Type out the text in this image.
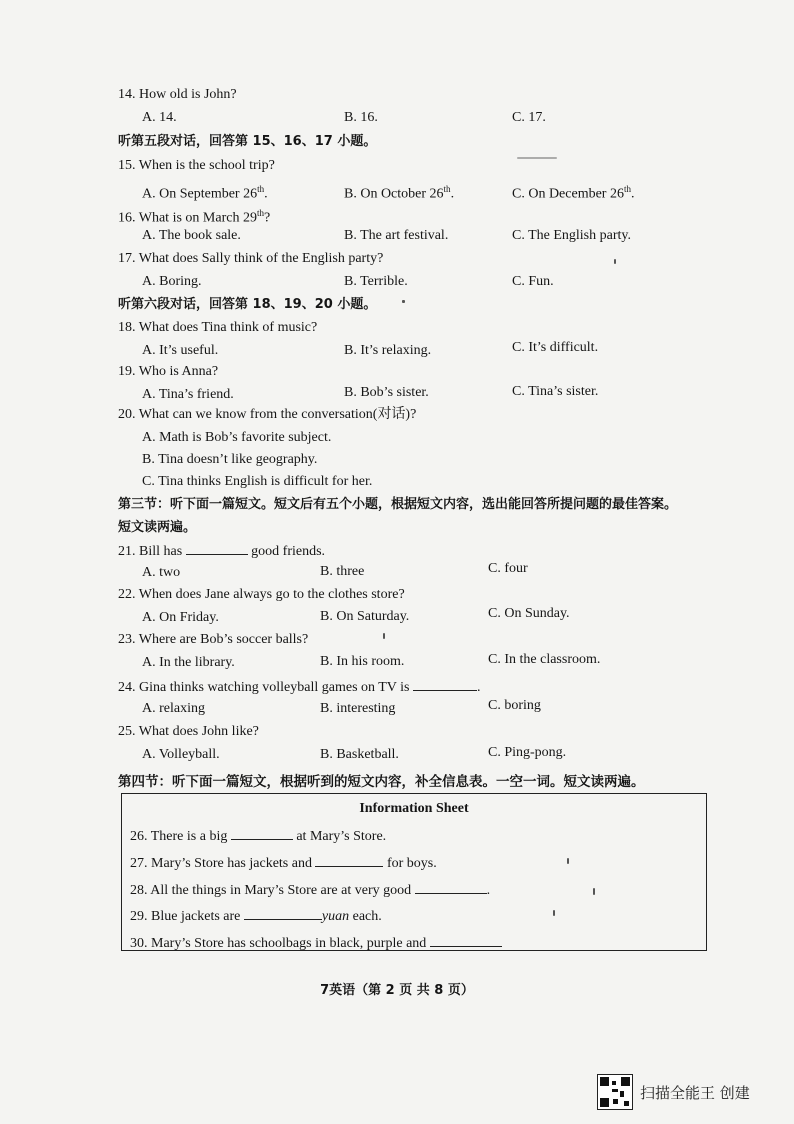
14. How old is John?
A. 14.	B. 16.	C. 17.
听第五段对话，回答第 15、16、17 小题。
15. When is the school trip?
A. On September 26th.	B. On October 26th.	C. On December 26th.
16. What is on March 29th?
A. The book sale.	B. The art festival.	C. The English party.
17. What does Sally think of the English party?
A. Boring.	B. Terrible.	C. Fun.
听第六段对话，回答第 18、19、20 小题。
18. What does Tina think of music?
A. It’s useful.	B. It’s relaxing.	C. It’s difficult.
19. Who is Anna?
A. Tina’s friend.	B. Bob’s sister.	C. Tina’s sister.
20. What can we know from the conversation(对话)?
A. Math is Bob’s favorite subject.
B. Tina doesn’t like geography.
C. Tina thinks English is difficult for her.
第三节：听下面一篇短文。短文后有五个小题，根据短文内容，选出能回答所提问题的最佳答案。
短文读两遍。
21. Bill has	good friends.
A. two	B. three	C. four
22. When does Jane always go to the clothes store?
A. On Friday.	B. On Saturday.	C. On Sunday.
23. Where are Bob’s soccer balls?
A. In the library.	B. In his room.	C. In the classroom.
24. Gina thinks watching volleyball games on TV is	.
A. relaxing	B. interesting	C. boring
25. What does John like?
A. Volleyball.	B. Basketball.	C. Ping-pong.
第四节：听下面一篇短文，根据听到的短文内容，补全信息表。一空一词。短文读两遍。
Information Sheet
26. There is a big	at Mary’s Store.
27. Mary’s Store has jackets and	for boys.
28. All the things in Mary’s Store are at very good	.
29. Blue jackets are	yuan each.
30. Mary’s Store has schoolbags in black, purple and
7英语（第 2 页 共 8 页）
扫描全能王 创建
